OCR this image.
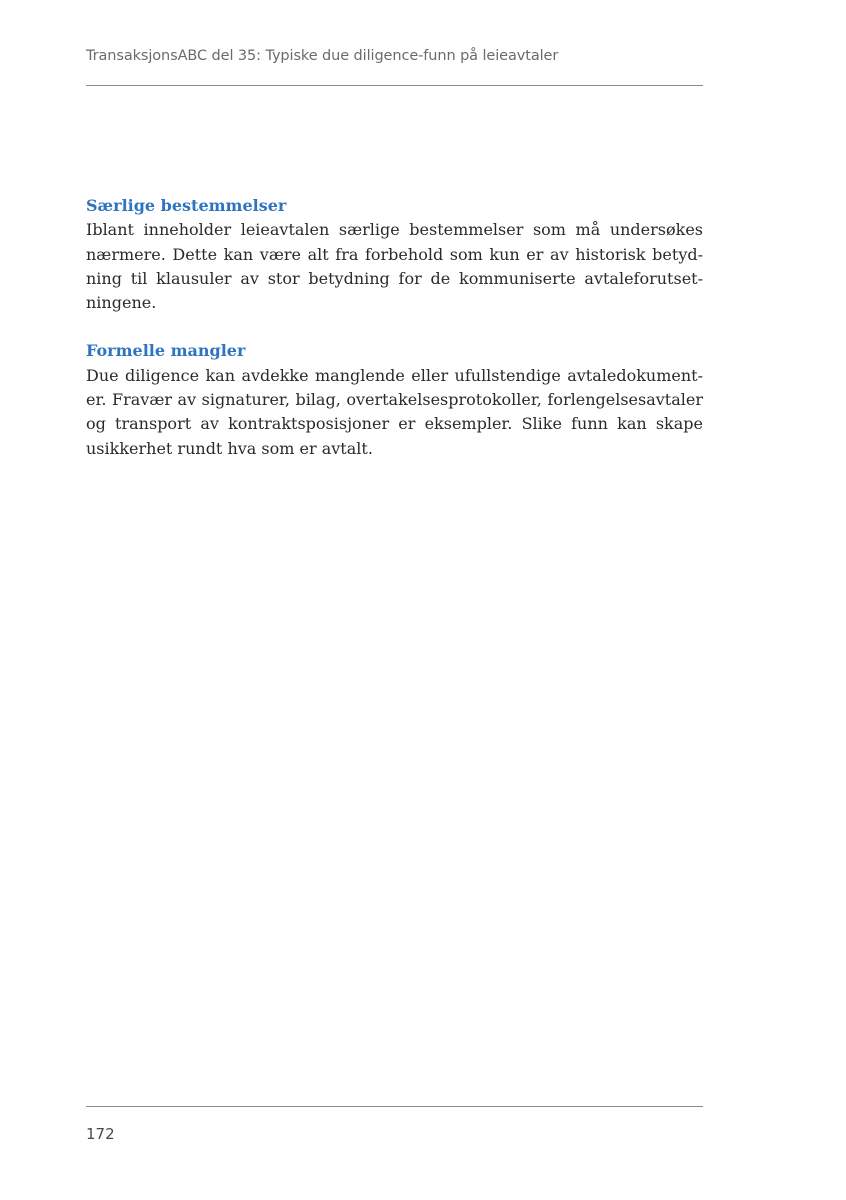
TransaksjonsABC del 35: Typiske due diligence-funn på leieavtaler
Særlige bestemmelser

Iblant inneholder leieavtalen særlige bestemmelser som må undersøkes nærmere. Dette kan være alt fra forbehold som kun er av historisk betydning til klausuler av stor betydning for de kommuniserte avtaleforutsetningene.

Formelle mangler

Due diligence kan avdekke manglende eller ufullstendige avtaledokumenter. Fravær av signaturer, bilag, overtakelsesprotokoller, forlengelsesavtaler og transport av kontraktsposisjoner er eksempler. Slike funn kan skape usikkerhet rundt hva som er avtalt.

172
